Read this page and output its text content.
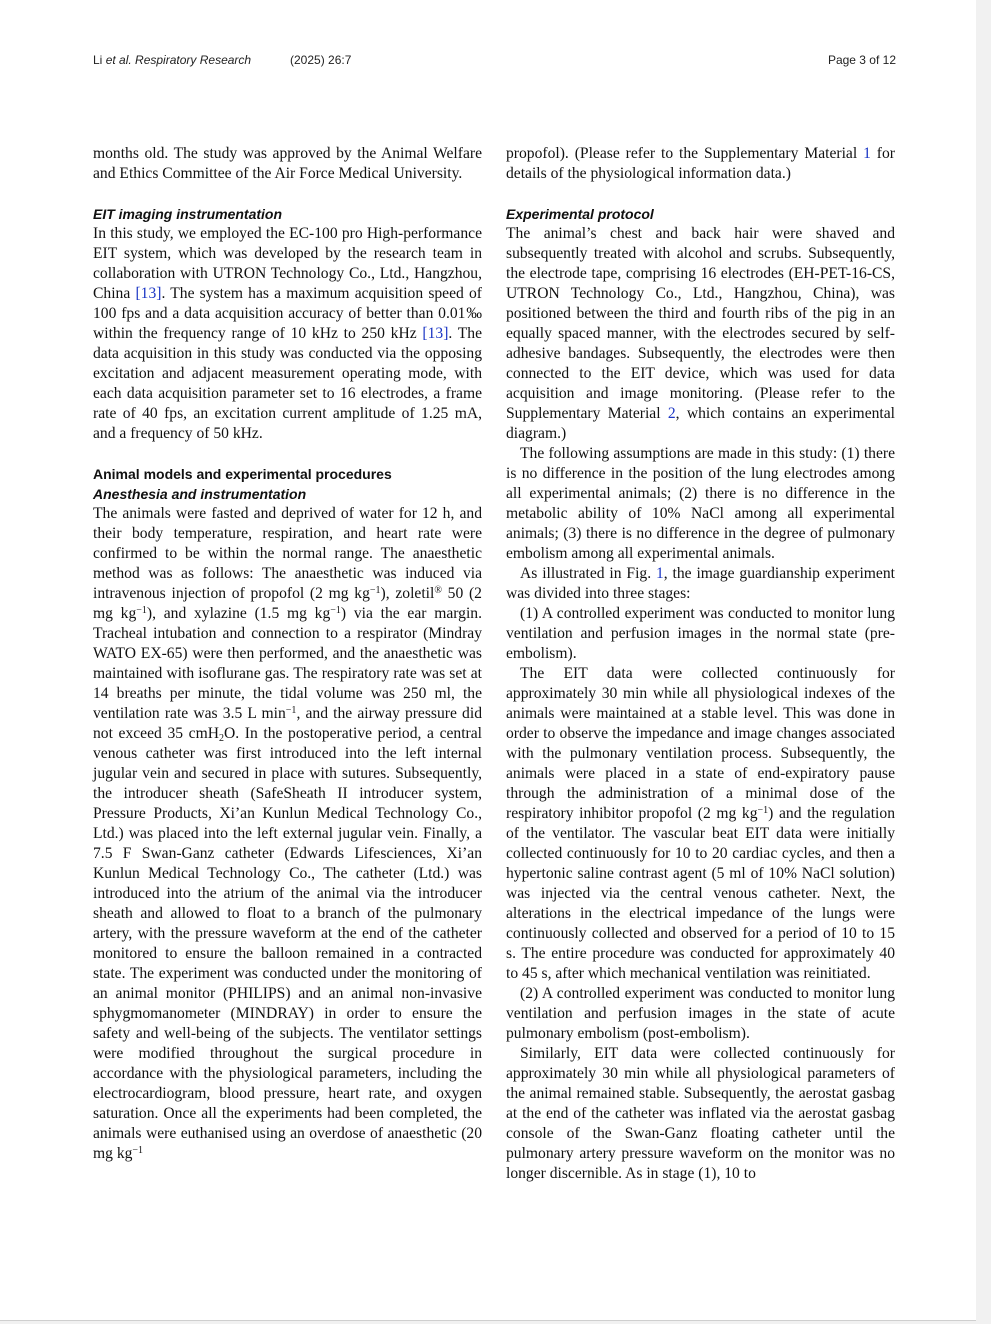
Li et al. Respiratory Research	(2025) 26:7	Page 3 of 12

months old. The study was approved by the Animal Welfare and Ethics Committee of the Air Force Medical University.

EIT imaging instrumentation

In this study, we employed the EC-100 pro High-performance EIT system, which was developed by the research team in collaboration with UTRON Technology Co., Ltd., Hangzhou, China [13]. The system has a maximum acquisition speed of 100 fps and a data acquisition accuracy of better than 0.01‰ within the frequency range of 10 kHz to 250 kHz [13]. The data acquisition in this study was conducted via the opposing excitation and adjacent measurement operating mode, with each data acquisition parameter set to 16 electrodes, a frame rate of 40 fps, an excitation current amplitude of 1.25 mA, and a frequency of 50 kHz.

Animal models and experimental procedures
Anesthesia and instrumentation

The animals were fasted and deprived of water for 12 h, and their body temperature, respiration, and heart rate were confirmed to be within the normal range. The anaesthetic method was as follows: The anaesthetic was induced via intravenous injection of propofol (2 mg $kg^{-1}$), zoletil® 50 (2 mg $kg^{-1}$), and xylazine (1.5 mg $kg^{-1}$) via the ear margin. Tracheal intubation and connection to a respirator (Mindray WATO EX-65) were then performed, and the anaesthetic was maintained with isoflurane gas. The respiratory rate was set at 14 breaths per minute, the tidal volume was 250 ml, the ventilation rate was 3.5 L $\min^{-1}$, and the airway pressure did not exceed 35 cmH$_2$O. In the postoperative period, a central venous catheter was first introduced into the left internal jugular vein and secured in place with sutures. Subsequently, the introducer sheath (SafeSheath II introducer system, Pressure Products, Xi’an Kunlun Medical Technology Co., Ltd.) was placed into the left external jugular vein. Finally, a 7.5 F Swan-Ganz catheter (Edwards Lifesciences, Xi’an Kunlun Medical Technology Co., The catheter (Ltd.) was introduced into the atrium of the animal via the introducer sheath and allowed to float to a branch of the pulmonary artery, with the pressure waveform at the end of the catheter monitored to ensure the balloon remained in a contracted state. The experiment was conducted under the monitoring of an animal monitor (PHILIPS) and an animal non-invasive sphygmomanometer (MINDRAY) in order to ensure the safety and well-being of the subjects. The ventilator settings were modified throughout the surgical procedure in accordance with the physiological parameters, including the electrocardiogram, blood pressure, heart rate, and oxygen saturation. Once all the experiments had been completed, the animals were euthanised using an overdose of anaesthetic (20 mg $kg^{-1}$

propofol). (Please refer to the Supplementary Material 1 for details of the physiological information data.)

Experimental protocol

The animal’s chest and back hair were shaved and subsequently treated with alcohol and scrubs. Subsequently, the electrode tape, comprising 16 electrodes (EH-PET-16-CS, UTRON Technology Co., Ltd., Hangzhou, China), was positioned between the third and fourth ribs of the pig in an equally spaced manner, with the electrodes secured by self-adhesive bandages. Subsequently, the electrodes were then connected to the EIT device, which was used for data acquisition and image monitoring. (Please refer to the Supplementary Material 2, which contains an experimental diagram.)

The following assumptions are made in this study: (1) there is no difference in the position of the lung electrodes among all experimental animals; (2) there is no difference in the metabolic ability of 10% NaCl among all experimental animals; (3) there is no difference in the degree of pulmonary embolism among all experimental animals.

As illustrated in Fig. 1, the image guardianship experiment was divided into three stages:

(1) A controlled experiment was conducted to monitor lung ventilation and perfusion images in the normal state (pre-embolism).

The EIT data were collected continuously for approximately 30 min while all physiological indexes of the animals were maintained at a stable level. This was done in order to observe the impedance and image changes associated with the pulmonary ventilation process. Subsequently, the animals were placed in a state of end-expiratory pause through the administration of a minimal dose of the respiratory inhibitor propofol (2 mg $kg^{-1}$) and the regulation of the ventilator. The vascular beat EIT data were initially collected continuously for 10 to 20 cardiac cycles, and then a hypertonic saline contrast agent (5 ml of 10% NaCl solution) was injected via the central venous catheter. Next, the alterations in the electrical impedance of the lungs were continuously collected and observed for a period of 10 to 15 s. The entire procedure was conducted for approximately 40 to 45 s, after which mechanical ventilation was reinitiated.

(2) A controlled experiment was conducted to monitor lung ventilation and perfusion images in the state of acute pulmonary embolism (post-embolism).

Similarly, EIT data were collected continuously for approximately 30 min while all physiological parameters of the animal remained stable. Subsequently, the aerostat gasbag at the end of the catheter was inflated via the aerostat gasbag console of the Swan-Ganz floating catheter until the pulmonary artery pressure waveform on the monitor was no longer discernible. As in stage (1), 10 to
